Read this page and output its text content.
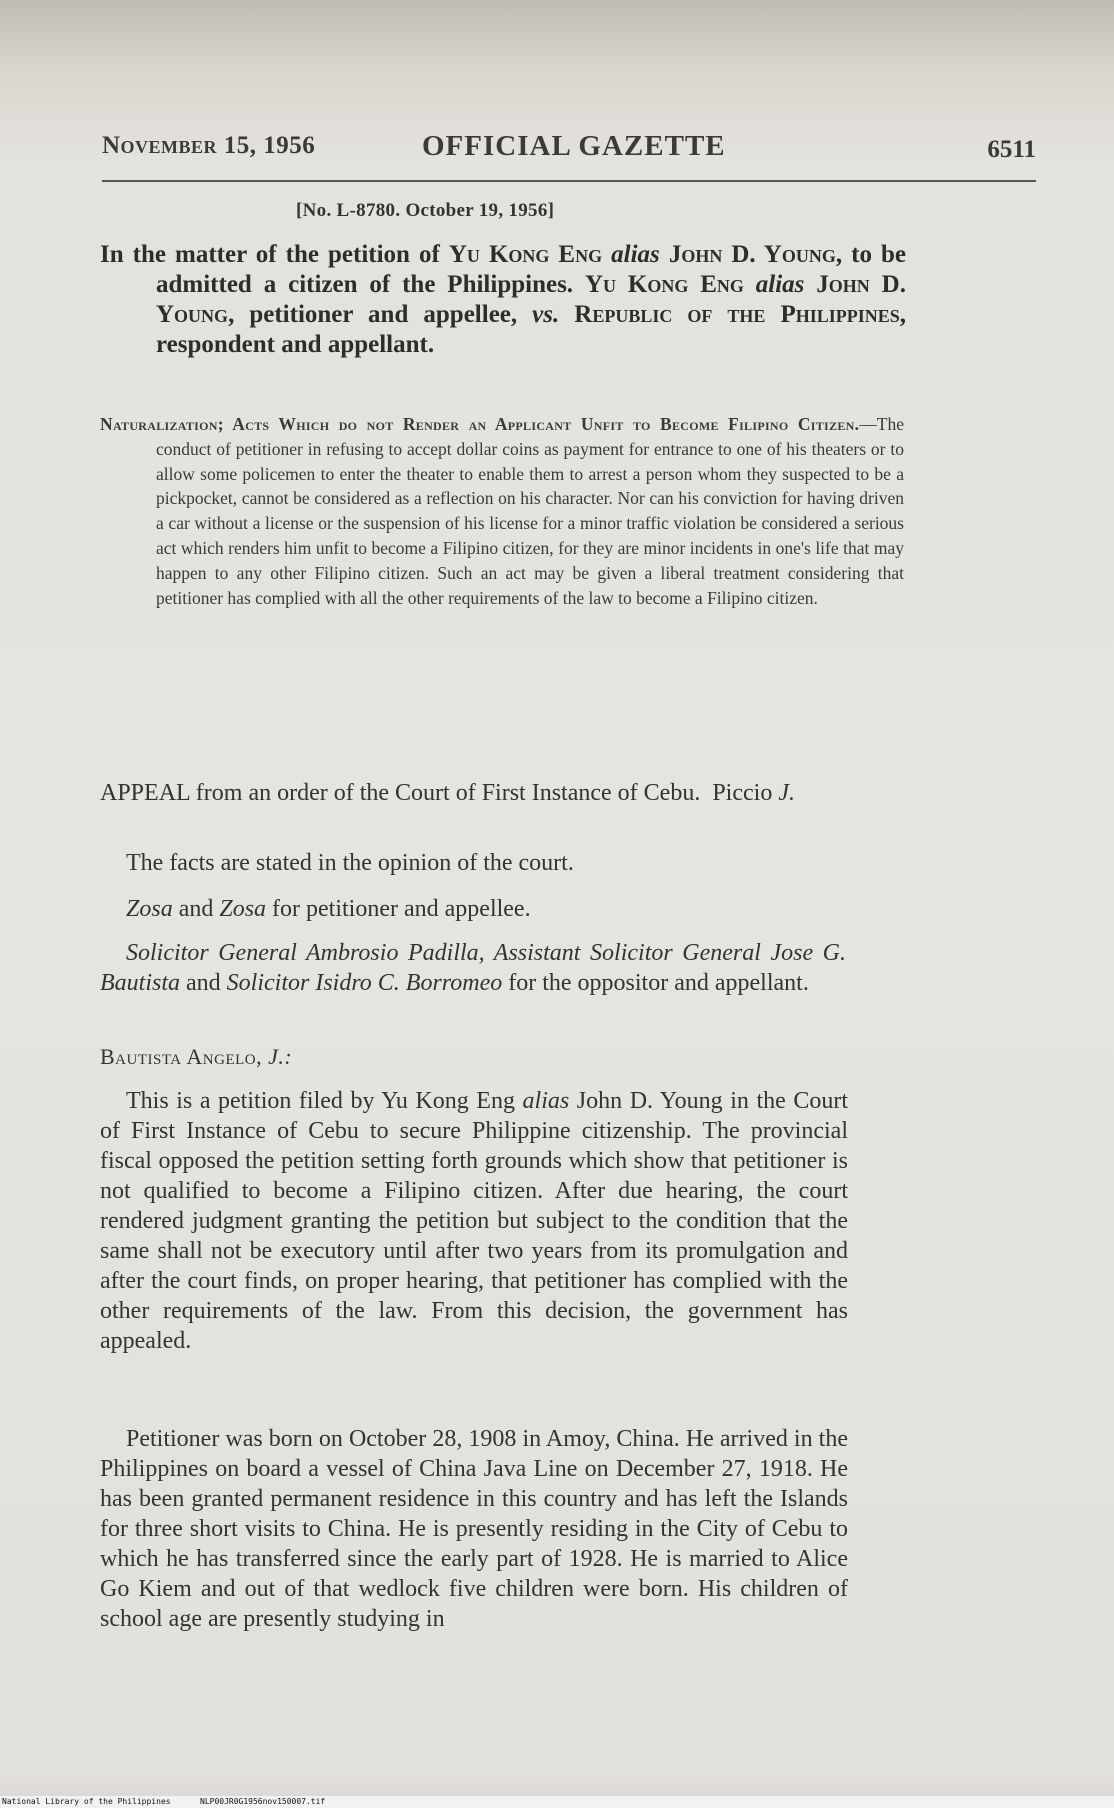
November 15, 1956	OFFICIAL GAZETTE	6511
[No. L-8780. October 19, 1956]
In the matter of the petition of Yu Kong Eng alias John D. Young, to be admitted a citizen of the Philippines. Yu Kong Eng alias John D. Young, petitioner and appellee, vs. Republic of the Philippines, respondent and appellant.
Naturalization; Acts Which do not Render an Applicant Unfit to Become Filipino Citizen.—The conduct of petitioner in refusing to accept dollar coins as payment for entrance to one of his theaters or to allow some policemen to enter the theater to enable them to arrest a person whom they suspected to be a pickpocket, cannot be considered as a reflection on his character. Nor can his conviction for having driven a car without a license or the suspension of his license for a minor traffic violation be considered a serious act which renders him unfit to become a Filipino citizen, for they are minor incidents in one's life that may happen to any other Filipino citizen. Such an act may be given a liberal treatment considering that petitioner has complied with all the other requirements of the law to become a Filipino citizen.
APPEAL from an order of the Court of First Instance of Cebu. Piccio J.
The facts are stated in the opinion of the court.
Zosa and Zosa for petitioner and appellee.
Solicitor General Ambrosio Padilla, Assistant Solicitor General Jose G. Bautista and Solicitor Isidro C. Borromeo for the oppositor and appellant.
Bautista Angelo, J.:
This is a petition filed by Yu Kong Eng alias John D. Young in the Court of First Instance of Cebu to secure Philippine citizenship. The provincial fiscal opposed the petition setting forth grounds which show that petitioner is not qualified to become a Filipino citizen. After due hearing, the court rendered judgment granting the petition but subject to the condition that the same shall not be executory until after two years from its promulgation and after the court finds, on proper hearing, that petitioner has complied with the other requirements of the law. From this decision, the government has appealed.
Petitioner was born on October 28, 1908 in Amoy, China. He arrived in the Philippines on board a vessel of China Java Line on December 27, 1918. He has been granted permanent residence in this country and has left the Islands for three short visits to China. He is presently residing in the City of Cebu to which he has transferred since the early part of 1928. He is married to Alice Go Kiem and out of that wedlock five children were born. His children of school age are presently studying in
National Library of the Philippines	NLP00JR0G1956nov150007.tif
